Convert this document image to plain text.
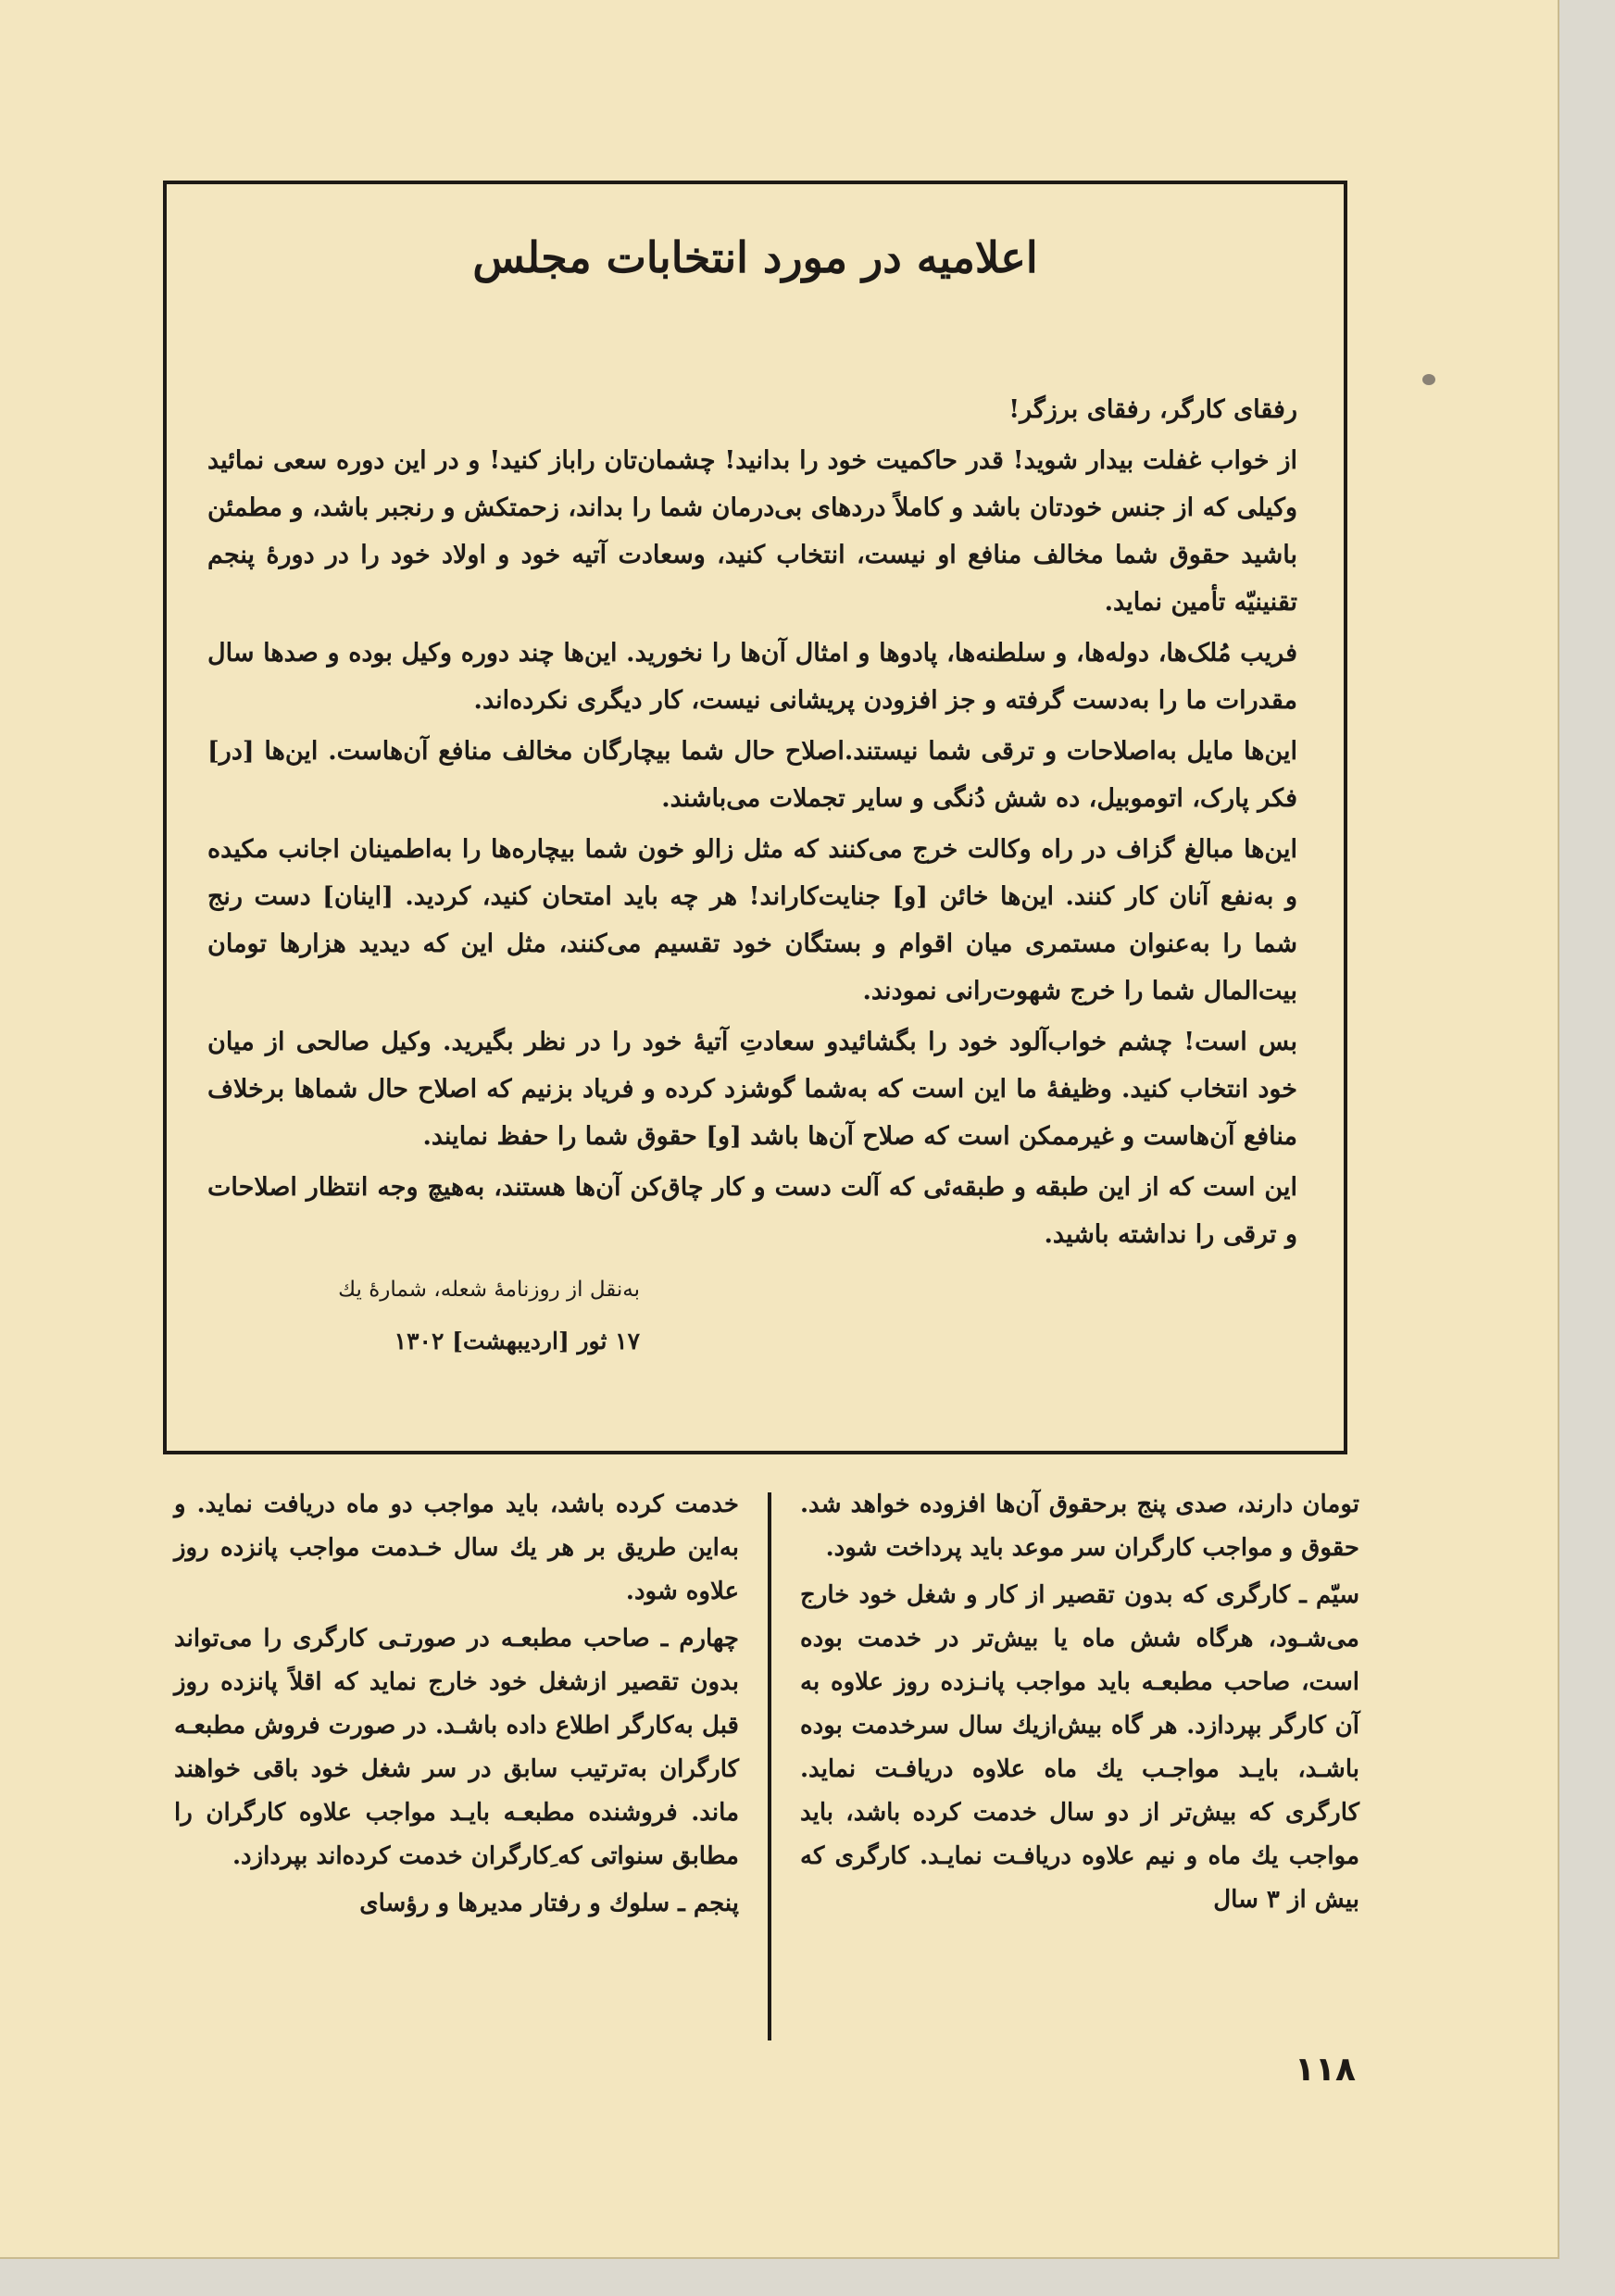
اعلامیه در مورد انتخابات مجلس

رفقای کارگر، رفقای برزگر!

از خواب غفلت بیدار شوید! قدر حاکمیت خود را بدانید! چشمان‌تان راباز کنید! و در این دوره سعی نمائید وکیلی که از جنس خودتان باشد و کاملاً دردهای بی‌درمان شما را بداند، زحمتکش و رنجبر باشد، و مطمئن باشید حقوق شما مخالف منافع او نیست، انتخاب کنید، وسعادت آتیه خود و اولاد خود را در دورهٔ پنجم تقنینیّه تأمین نماید.

فریب مُلک‌ها، دوله‌ها، و سلطنه‌ها، پادوها و امثال آن‌ها را نخورید. این‌ها چند دوره وکیل بوده و صدها سال مقدرات ما را به‌دست گرفته و جز افزودن پریشانی نیست، کار دیگری نکرده‌اند.

این‌ها مایل به‌اصلاحات و ترقی شما نیستند.اصلاح حال شما بیچارگان مخالف منافع آن‌هاست. این‌ها [در] فکر پارک، اتوموبیل، ده شش دُنگی و سایر تجملات می‌باشند.

این‌ها مبالغ گزاف در راه وکالت خرج می‌کنند که مثل زالو خون شما بیچاره‌ها را به‌اطمینان اجانب مکیده و به‌نفع آنان کار کنند. این‌ها خائن [و] جنایت‌کاراند! هر چه باید امتحان کنید، کردید. [اینان] دست رنج شما را به‌عنوان مستمری میان اقوام و بستگان خود تقسیم می‌کنند، مثل این که دیدید هزارها تومان بیت‌المال شما را خرج شهوت‌رانی نمودند.

بس است! چشم خواب‌آلود خود را بگشائیدو سعادتِ آتیهٔ خود را در نظر بگیرید. وکیل صالحی از میان خود انتخاب کنید. وظیفهٔ ما این است که به‌شما گوشزد کرده و فریاد بزنیم که اصلاح حال شماها برخلاف منافع آن‌هاست و غیرممکن است که صلاح آن‌ها باشد [و] حقوق شما را حفظ نمایند.

این است که از این طبقه و طبقه‌ئی که آلت دست و کار چاق‌کن آن‌ها هستند، به‌هیچ وجه انتظار اصلاحات و ترقی را نداشته باشید.

به‌نقل از روزنامهٔ شعله، شمارهٔ یك
۱۷ ثور [اردیبهشت] ۱۳۰۲

تومان دارند، صدی پنج برحقوق آن‌ها افزوده خواهد شد. حقوق و مواجب کارگران سر موعد باید پرداخت شود.

سیّم ـ کارگری که بدون تقصیر از کار و شغل خود خارج می‌شـود، هرگاه شش ماه یا بیش‌تر در خدمت بوده است، صاحب مطبعـه باید مواجب پانـزده روز علاوه به آن کارگر بپردازد. هر گاه بیش‌ازیك سال سرخدمت بوده باشـد، بایـد مواجـب یك ماه علاوه دریافـت نماید. کارگری که بیش‌تر از دو سال خدمت کرده باشد، باید مواجب یك ماه و نیم علاوه دریافـت نمایـد. کارگری که بیش از ۳ سال

خدمت کرده باشد، باید مواجب دو ماه دریافت نماید. و به‌این طریق بر هر یك سال خـدمت مواجب پانزده روز علاوه شود.

چهارم ـ صاحب مطبعـه در صورتـی کارگری را می‌تواند بدون تقصیر ازشغل خود خارج نماید که اقلاً پانزده روز قبل به‌کارگر اطلاع داده باشـد. در صورت فروش مطبعـه کارگران به‌ترتیب سابق در سر شغل خود باقی خواهند ماند. فروشنده مطبعـه بایـد مواجب علاوه کارگران را مطابق سنواتی که ِکارگران خدمت کرده‌اند بپردازد.

پنجم ـ سلوك و رفتار مدیرها و رؤسای

۱۱۸
